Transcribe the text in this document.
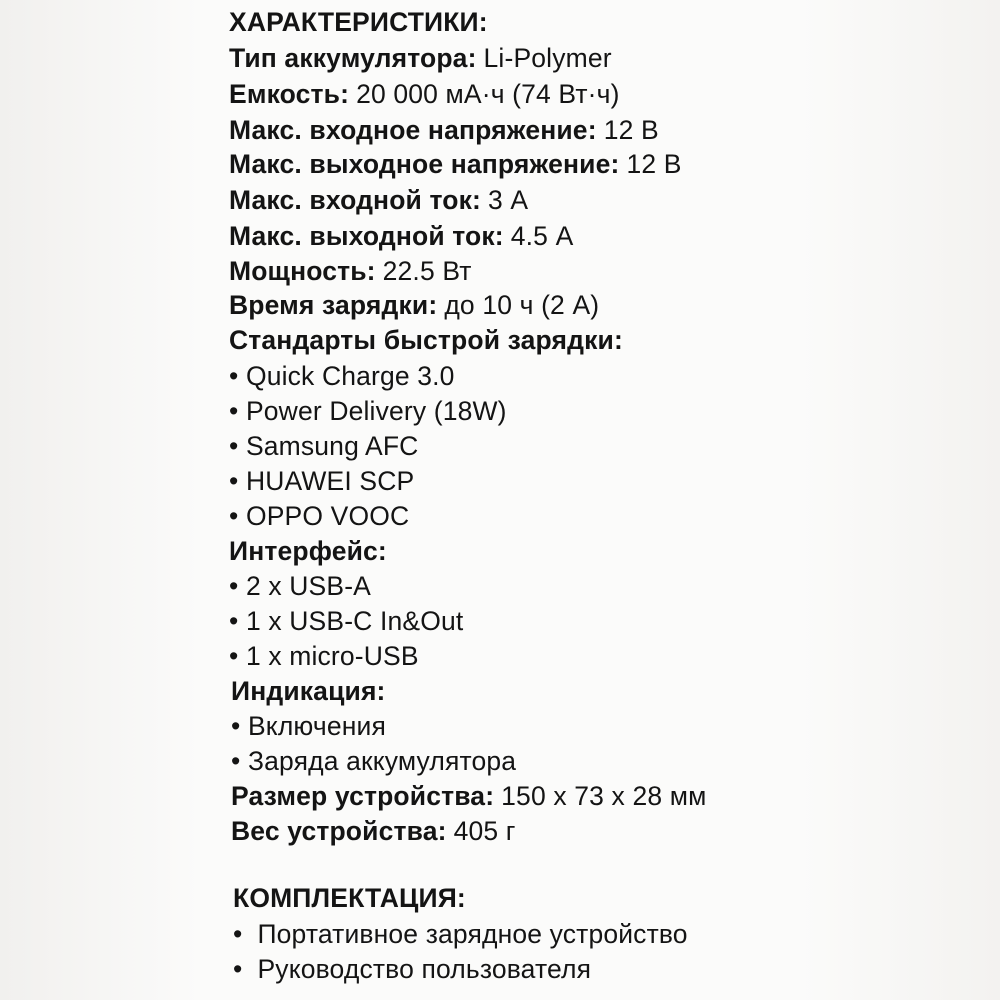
ХАРАКТЕРИСТИКИ:
Тип аккумулятора: Li-Polymer
Емкость: 20 000 мА·ч (74 Вт·ч)
Макс. входное напряжение: 12 В
Макс. выходное напряжение: 12 В
Макс. входной ток: 3 А
Макс. выходной ток: 4.5 А
Мощность: 22.5 Вт
Время зарядки: до 10 ч (2 А)
Стандарты быстрой зарядки:
• Quick Charge 3.0
• Power Delivery (18W)
• Samsung AFC
• HUAWEI SCP
• OPPO VOOC
Интерфейс:
• 2 x USB-A
• 1 x USB-C In&Out
• 1 x micro-USB
Индикация:
• Включения
• Заряда аккумулятора
Размер устройства: 150 x 73 x 28 мм
Вес устройства: 405 г
КОМПЛЕКТАЦИЯ:
• Портативное зарядное устройство
• Руководство пользователя
